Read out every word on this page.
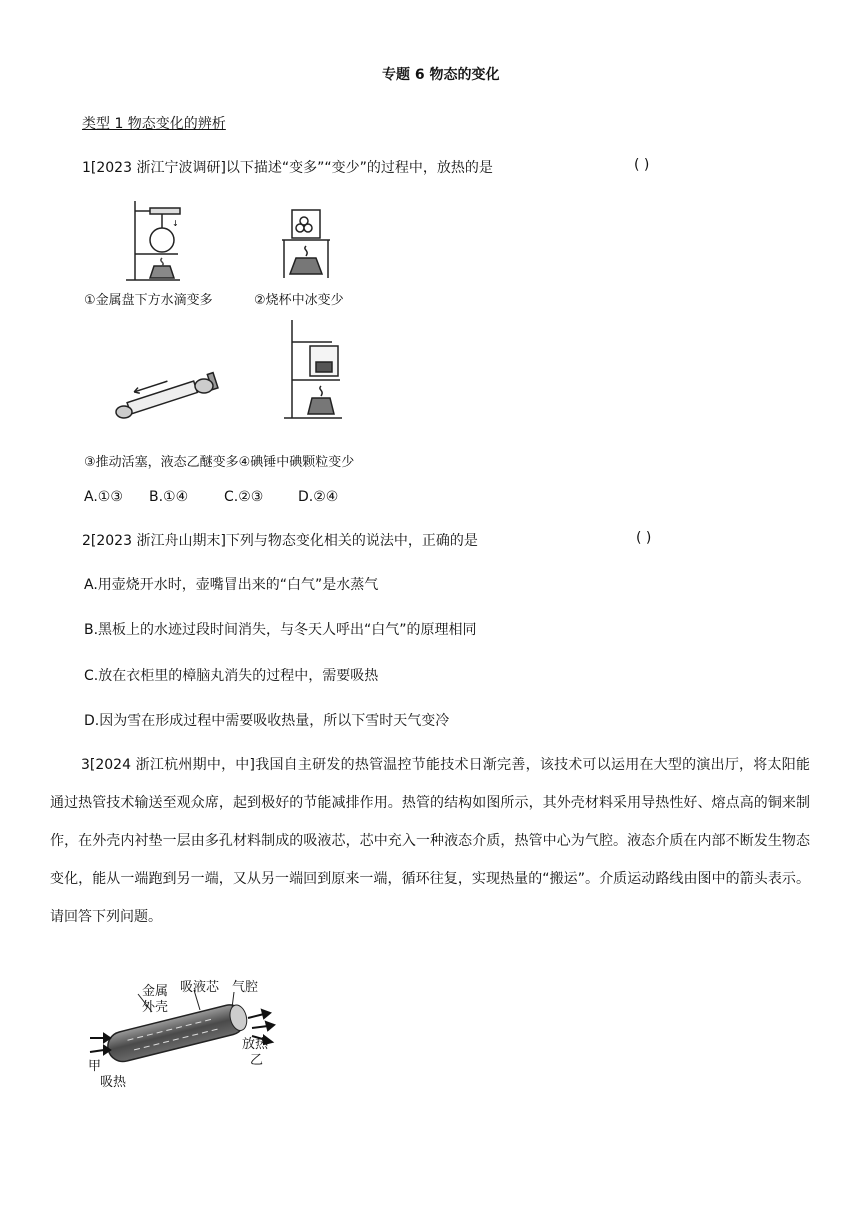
专题 6 物态的变化
类型 1 物态变化的辨析
1[2023 浙江宁波调研]以下描述“变多”“变少”的过程中，放热的是	( )
↓
①金属盘下方水滴变多	②烧杯中冰变少
③推动活塞，液态乙醚变多④碘锤中碘颗粒变少
A.①③ B.①④	C.②③ D.②④
2[2023 浙江舟山期末]下列与物态变化相关的说法中，正确的是	( )
A.用壶烧开水时，壶嘴冒出来的“白气”是水蒸气
B.黑板上的水迹过段时间消失，与冬天人呼出“白气”的原理相同
C.放在衣柜里的樟脑丸消失的过程中，需要吸热
D.因为雪在形成过程中需要吸收热量，所以下雪时天气变冷
3[2024 浙江杭州期中，中]我国自主研发的热管温控节能技术日渐完善，该技术可以运用在大型的演出厅，将太阳能通过热管技术输送至观众席，起到极好的节能减排作用。热管的结构如图所示，其外壳材料采用导热性好、熔点高的铜来制作，在外壳内衬垫一层由多孔材料制成的吸液芯，芯中充入一种液态介质，热管中心为气腔。液态介质在内部不断发生物态变化，能从一端跑到另一端，又从另一端回到原来一端，循环往复，实现热量的“搬运”。介质运动路线由图中的箭头表示。请回答下列问题。
金属
外壳
吸液芯 气腔
放热
乙
甲
吸热
